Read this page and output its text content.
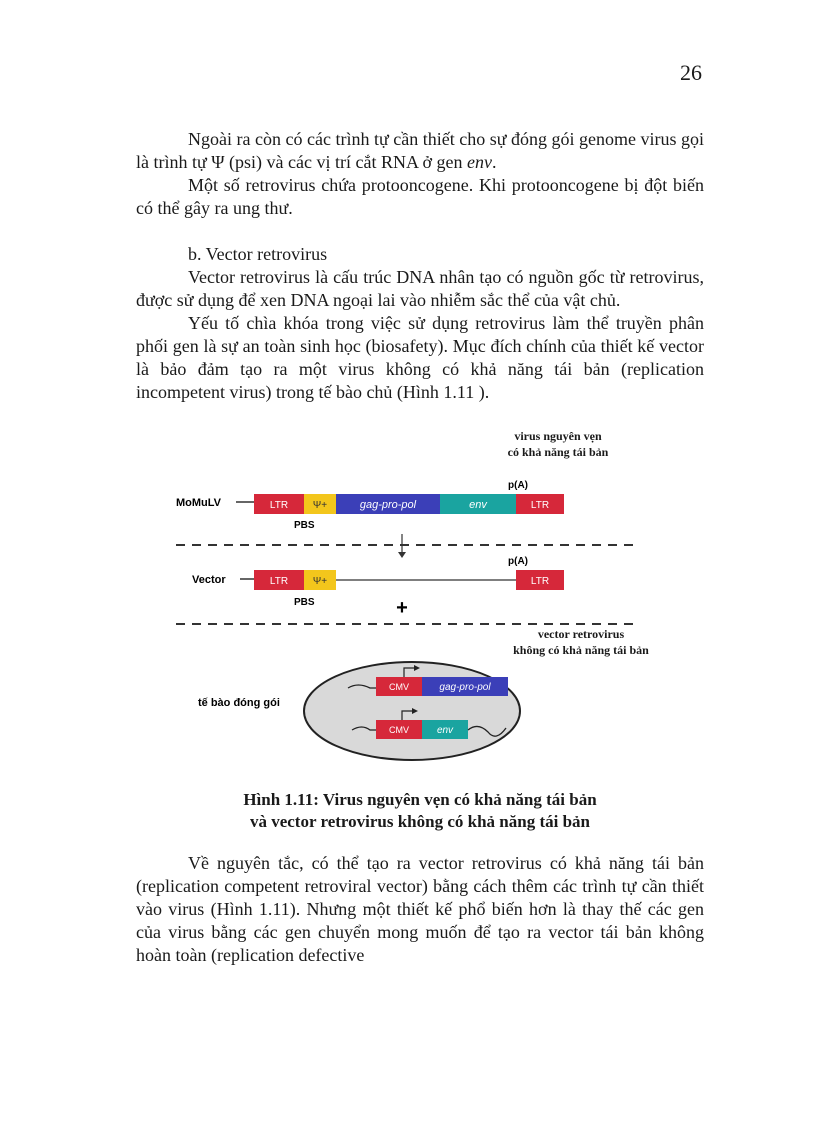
26

Ngoài ra còn có các trình tự cần thiết cho sự đóng gói genome virus gọi là trình tự Ψ (psi) và các vị trí cắt RNA ở gen env.

Một số retrovirus chứa protooncogene. Khi protooncogene bị đột biến có thể gây ra ung thư.

b. Vector retrovirus

Vector retrovirus là cấu trúc DNA nhân tạo có nguồn gốc từ retrovirus, được sử dụng để xen DNA ngoại lai vào nhiễm sắc thể của vật chủ.

Yếu tố chìa khóa trong việc sử dụng retrovirus làm thể truyền phân phối gen là sự an toàn sinh học (biosafety). Mục đích chính của thiết kế vector là bảo đảm tạo ra một virus không có khả năng tái bản (replication incompetent virus) trong tế bào chủ (Hình 1.11 ).

virus nguyên vẹn
có khả năng tái bản
vector retrovirus
không có khả năng tái bản
MoMuLV	LTR Ψ+	gag-pro-pol	env	LTR
p(A)
PBS
Vector	LTR Ψ+	LTR
p(A)
PBS	+
tế bào đóng gói
CMV	gag-pro-pol
CMV	env
Hình 1.11: Virus nguyên vẹn có khả năng tái bản
và vector retrovirus không có khả năng tái bản

Về nguyên tắc, có thể tạo ra vector retrovirus có khả năng tái bản (replication competent retroviral vector) bằng cách thêm các trình tự cần thiết vào virus (Hình 1.11). Nhưng một thiết kế phổ biến hơn là thay thế các gen của virus bằng các gen chuyển mong muốn để tạo ra vector tái bản không hoàn toàn (replication defective
